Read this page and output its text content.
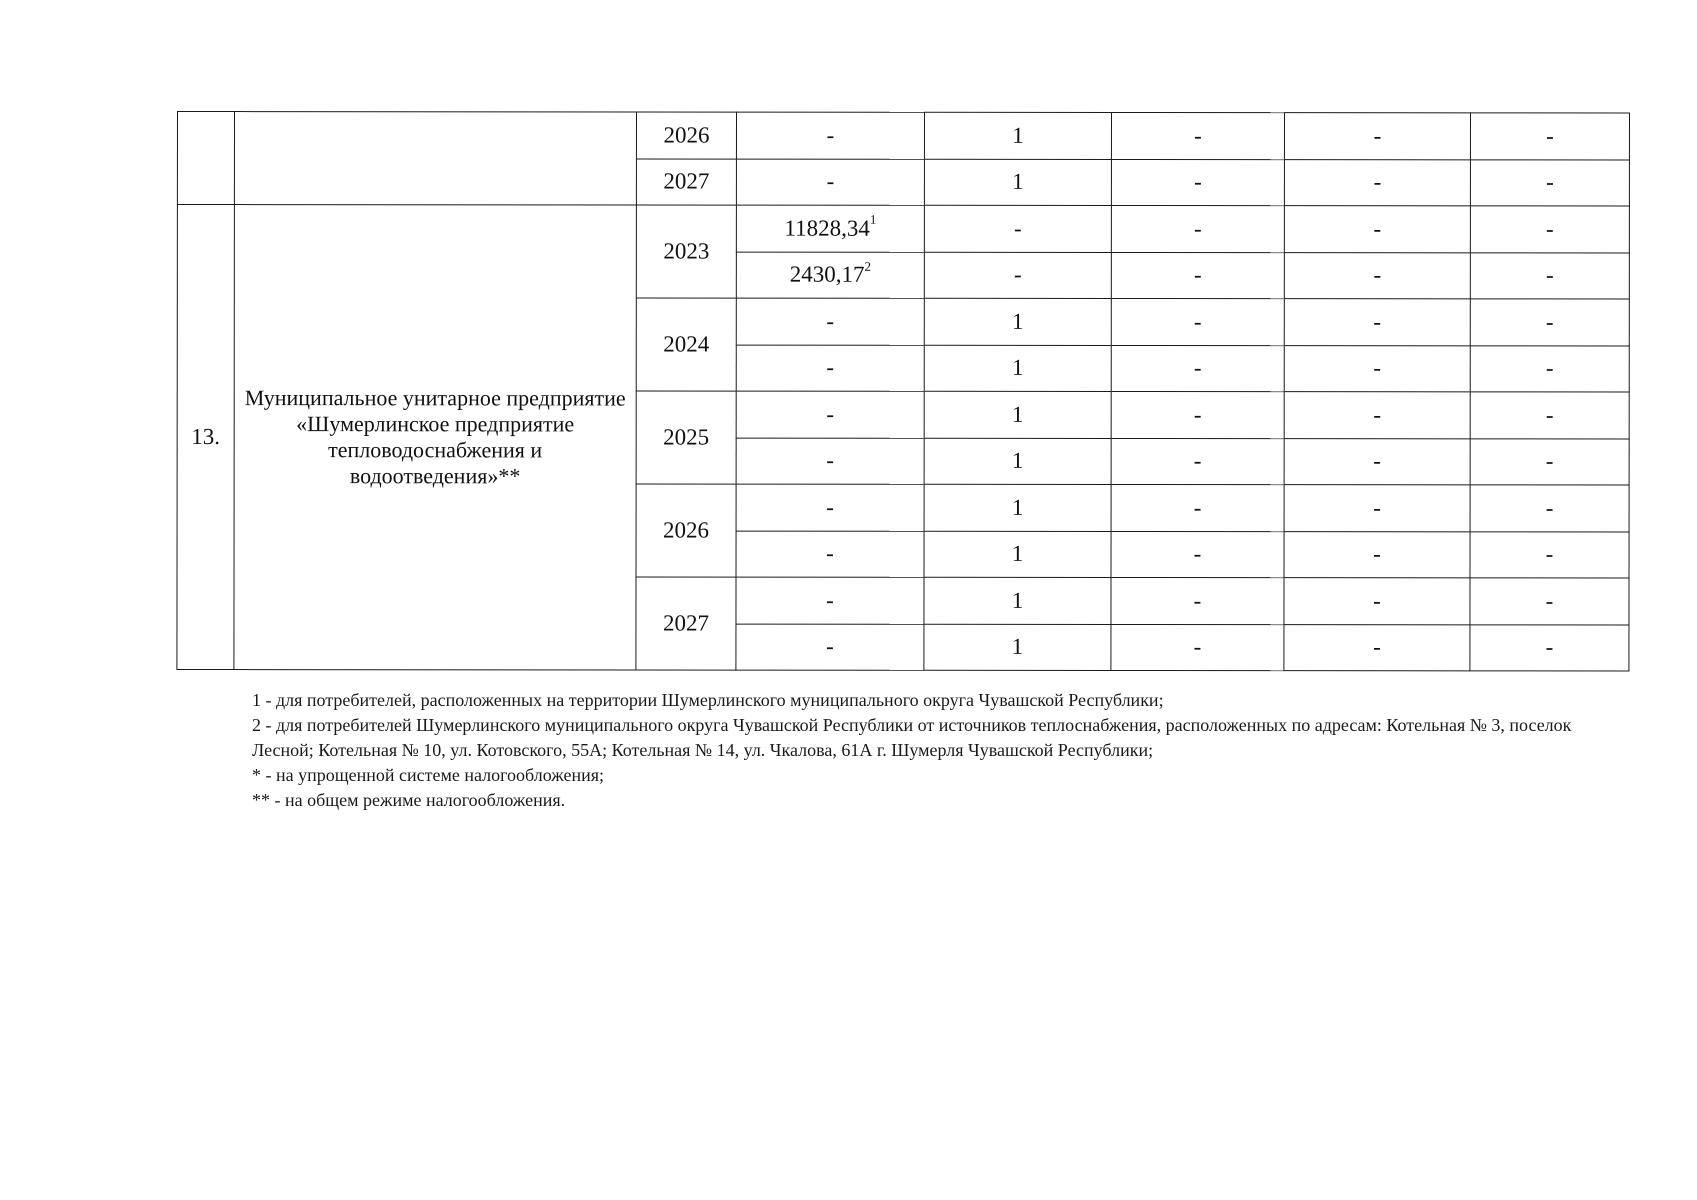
		2026	-	1	-	-	-
		2027	-	1	-	-	-
13.	Муниципальное унитарное предприятие «Шумерлинское предприятие тепловодоснабжения и водоотведения»**	2023	11828,34$^1$	-	-	-	-
			2430,17$^2$	-	-	-	-
		2024	-	1	-	-	-
			-	1	-	-	-
		2025	-	1	-	-	-
			-	1	-	-	-
		2026	-	1	-	-	-
			-	1	-	-	-
		2027	-	1	-	-	-
			-	1	-	-	-

1 - для потребителей, расположенных на территории Шумерлинского муниципального округа Чувашской Республики;

2 - для потребителей Шумерлинского муниципального округа Чувашской Республики от источников теплоснабжения, расположенных по адресам: Котельная № 3, поселок Лесной; Котельная № 10, ул. Котовского, 55А; Котельная № 14, ул. Чкалова, 61А г. Шумерля Чувашской Республики;

* - на упрощенной системе налогообложения;

** - на общем режиме налогообложения.
